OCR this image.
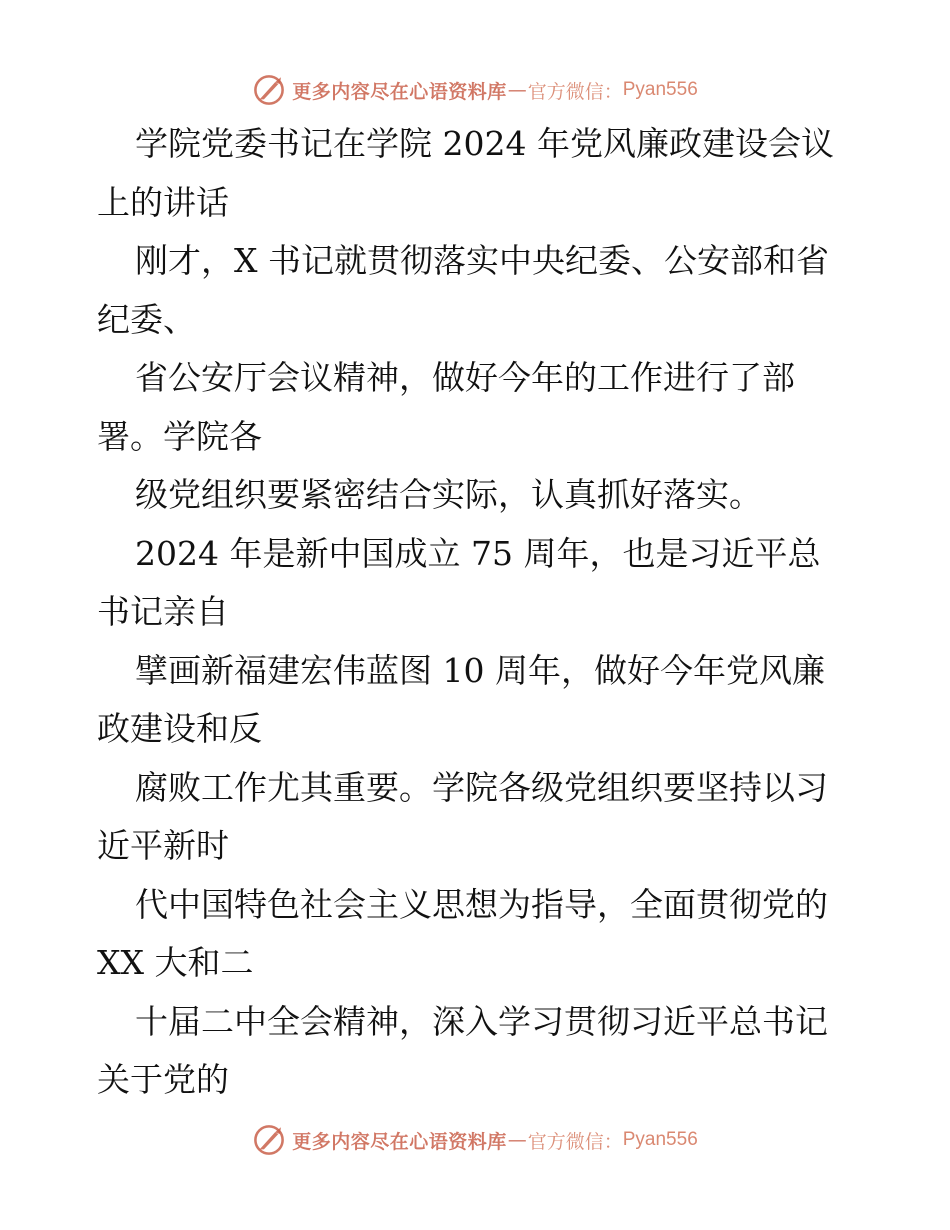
更多内容尽在心语资料库 — 官方微信： Pyan556
学院党委书记在学院 2024 年党风廉政建设会议
上的讲话
刚才，X 书记就贯彻落实中央纪委、公安部和省
纪委、
省公安厅会议精神，做好今年的工作进行了部
署。学院各
级党组织要紧密结合实际，认真抓好落实。
2024 年是新中国成立 75 周年，也是习近平总
书记亲自
擘画新福建宏伟蓝图 10 周年，做好今年党风廉
政建设和反
腐败工作尤其重要。学院各级党组织要坚持以习
近平新时
代中国特色社会主义思想为指导，全面贯彻党的
XX 大和二
十届二中全会精神，深入学习贯彻习近平总书记
关于党的
更多内容尽在心语资料库 — 官方微信： Pyan556
